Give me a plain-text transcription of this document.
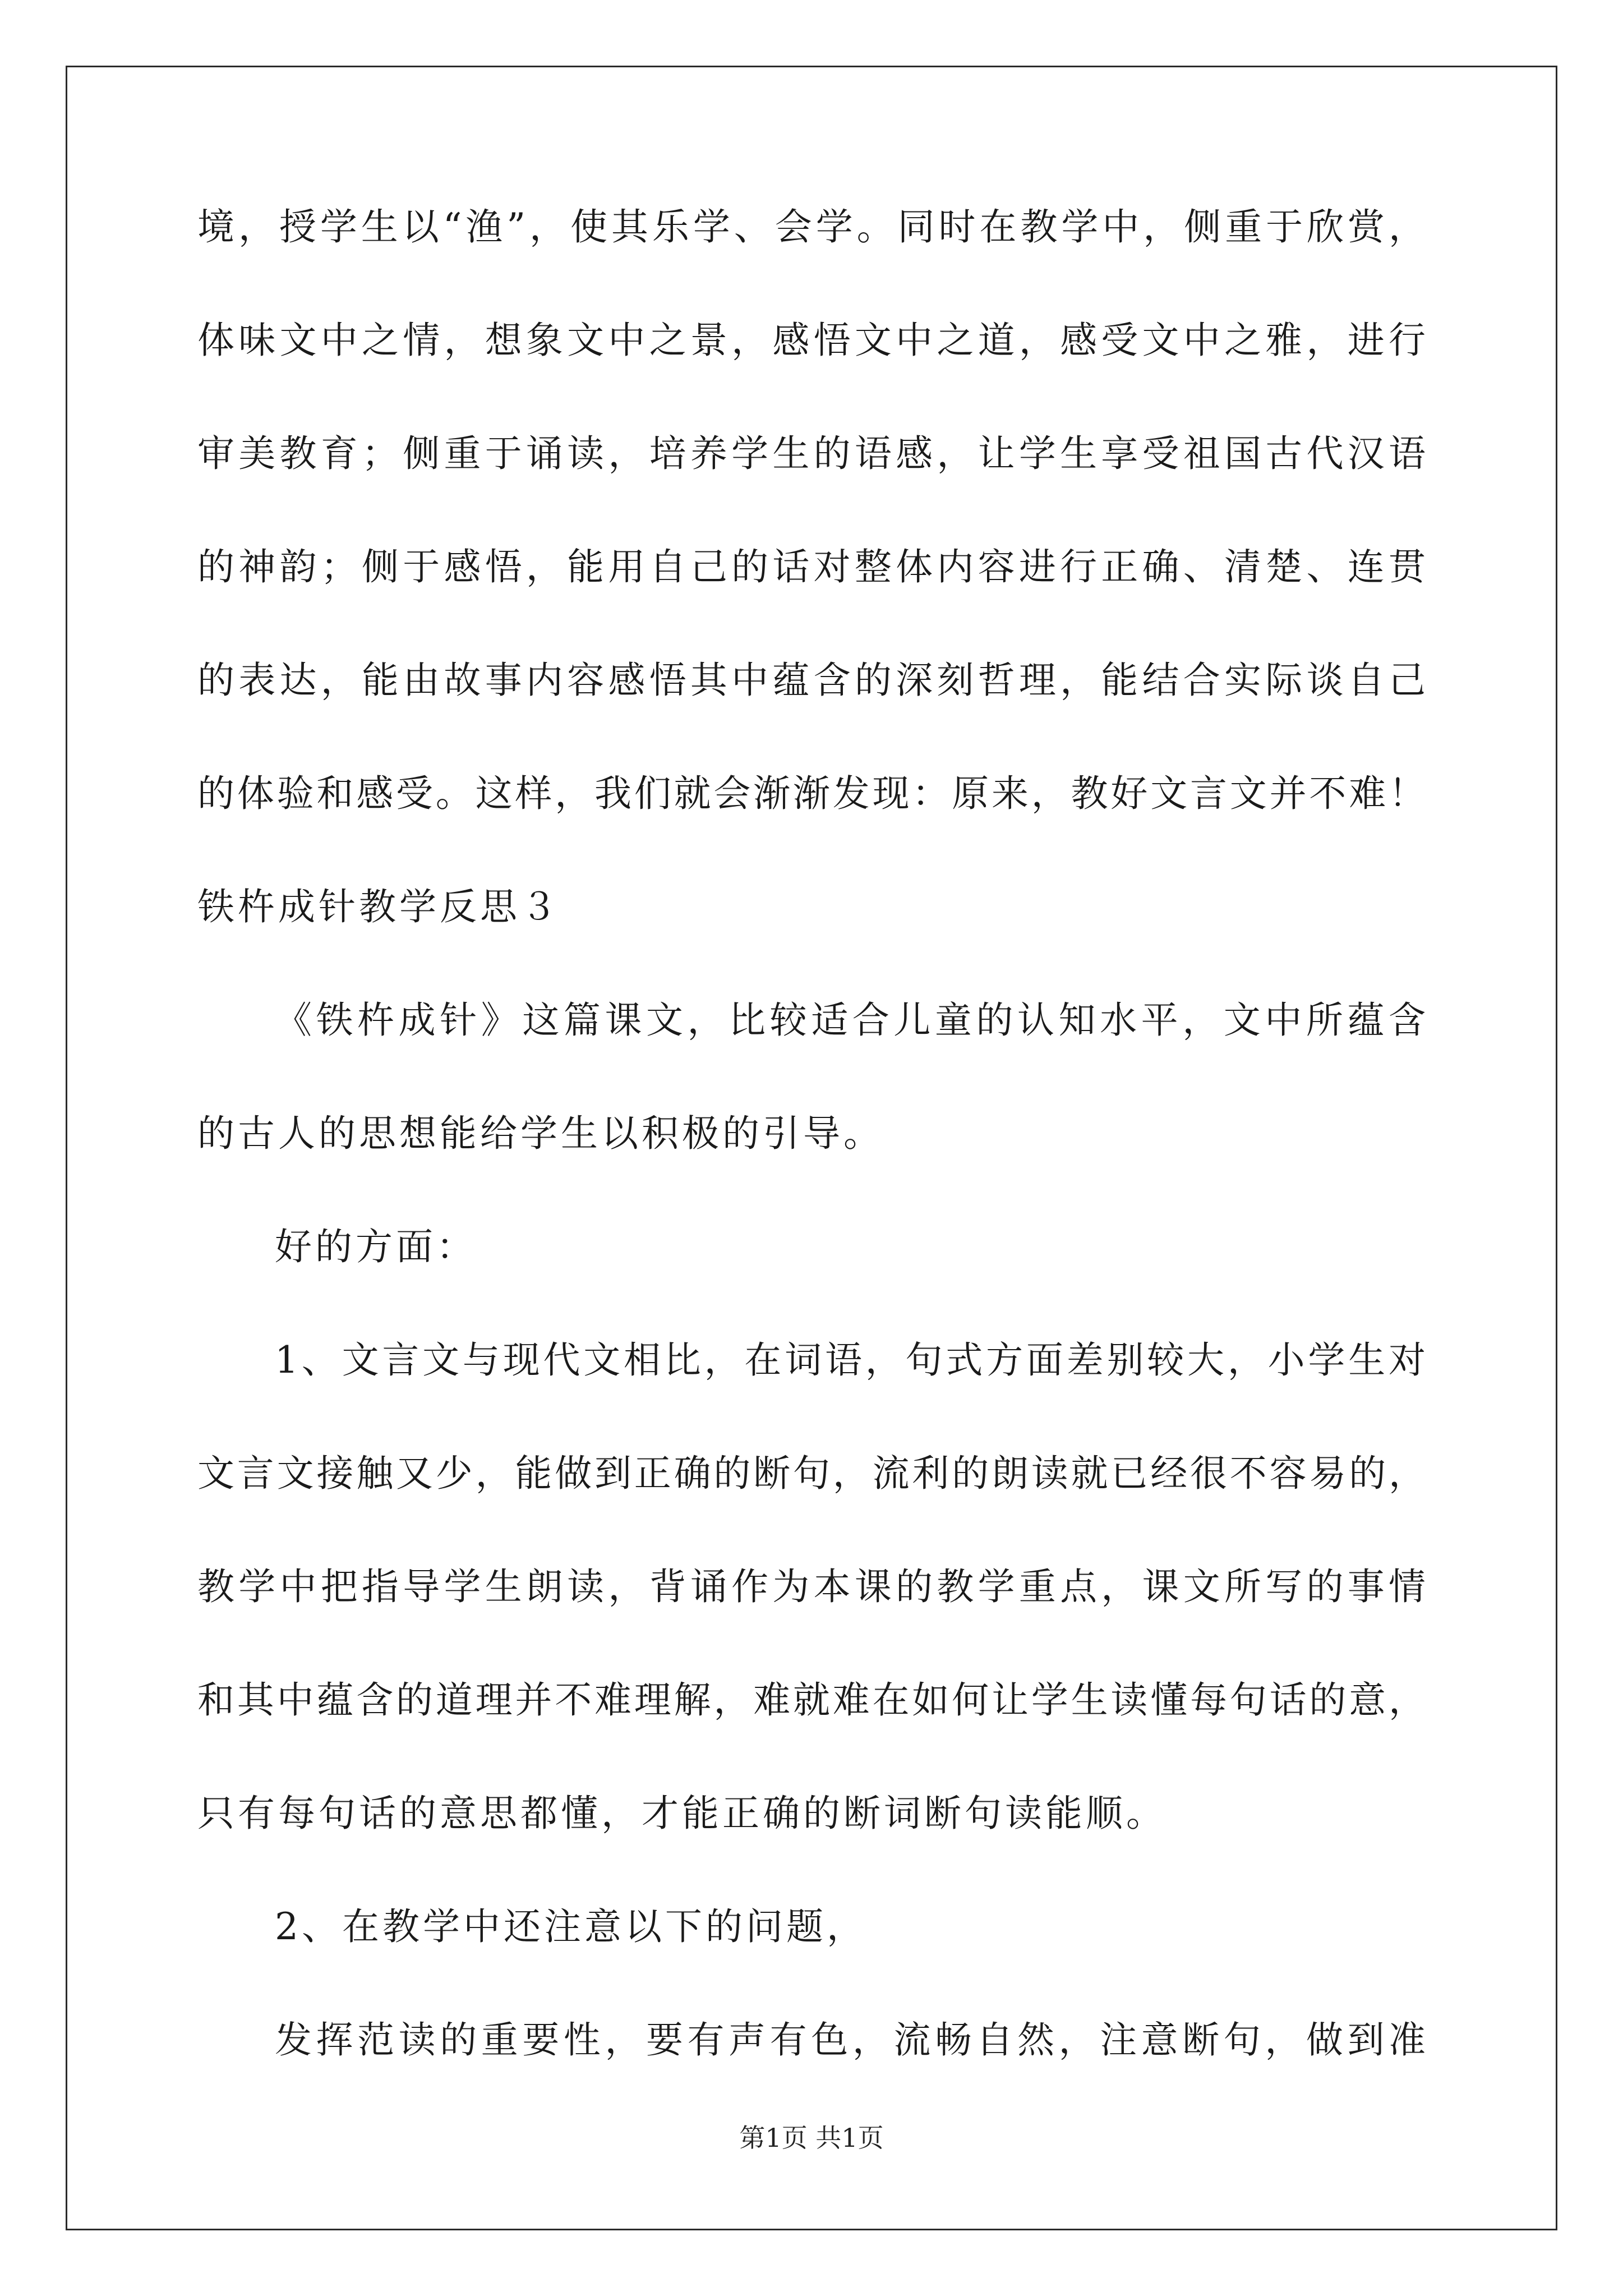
境，授学生以“渔”，使其乐学、会学。同时在教学中，侧重于欣赏，
体味文中之情，想象文中之景，感悟文中之道，感受文中之雅，进行
审美教育；侧重于诵读，培养学生的语感，让学生享受祖国古代汉语
的神韵；侧于感悟，能用自己的话对整体内容进行正确、清楚、连贯
的表达，能由故事内容感悟其中蕴含的深刻哲理，能结合实际谈自己
的体验和感受。这样，我们就会渐渐发现：原来，教好文言文并不难！
铁杵成针教学反思３
《铁杵成针》这篇课文，比较适合儿童的认知水平，文中所蕴含
的古人的思想能给学生以积极的引导。
好的方面：
1、文言文与现代文相比，在词语，句式方面差别较大，小学生对
文言文接触又少，能做到正确的断句，流利的朗读就已经很不容易的，
教学中把指导学生朗读，背诵作为本课的教学重点，课文所写的事情
和其中蕴含的道理并不难理解，难就难在如何让学生读懂每句话的意，
只有每句话的意思都懂，才能正确的断词断句读能顺。
2、在教学中还注意以下的问题，
发挥范读的重要性，要有声有色，流畅自然，注意断句，做到准
第1页 共1页
